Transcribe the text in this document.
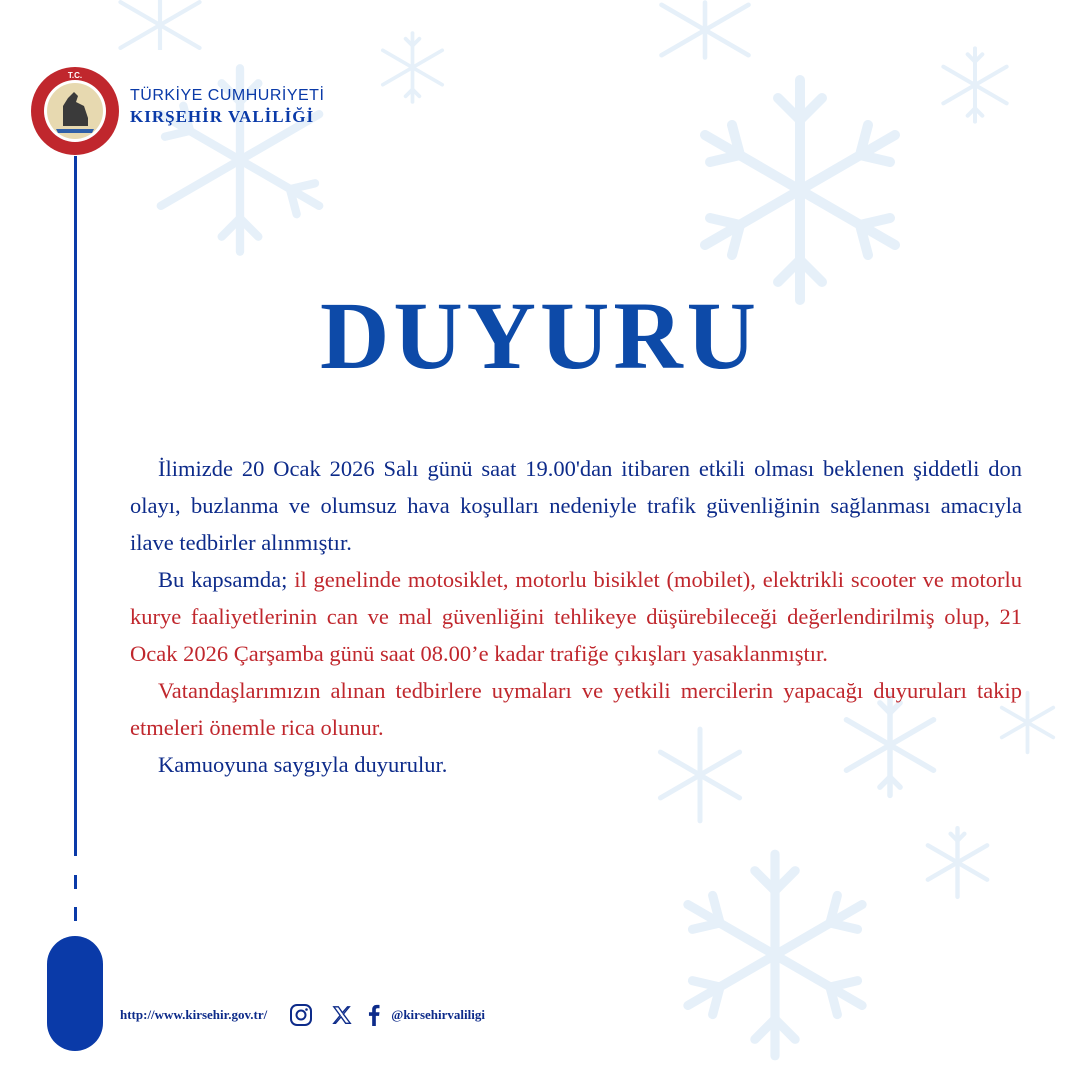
T.C.
TÜRKİYE CUMHURİYETİ
KIRŞEHİR VALİLİĞİ
DUYURU

İlimizde 20 Ocak 2026 Salı günü saat 19.00'dan itibaren etkili olması beklenen şiddetli don olayı, buzlanma ve olumsuz hava koşulları nedeniyle trafik güvenliğinin sağlanması amacıyla ilave tedbirler alınmıştır.

Bu kapsamda; il genelinde motosiklet, motorlu bisiklet (mobilet), elektrikli scooter ve motorlu kurye faaliyetlerinin can ve mal güvenliğini tehlikeye düşürebileceği değerlendirilmiş olup, 21 Ocak 2026 Çarşamba günü saat 08.00’e kadar trafiğe çıkışları yasaklanmıştır.

Vatandaşlarımızın alınan tedbirlere uymaları ve yetkili mercilerin yapacağı duyuruları takip etmeleri önemle rica olunur.

Kamuoyuna saygıyla duyurulur.

http://www.kirsehir.gov.tr/	@kirsehirvaliligi
